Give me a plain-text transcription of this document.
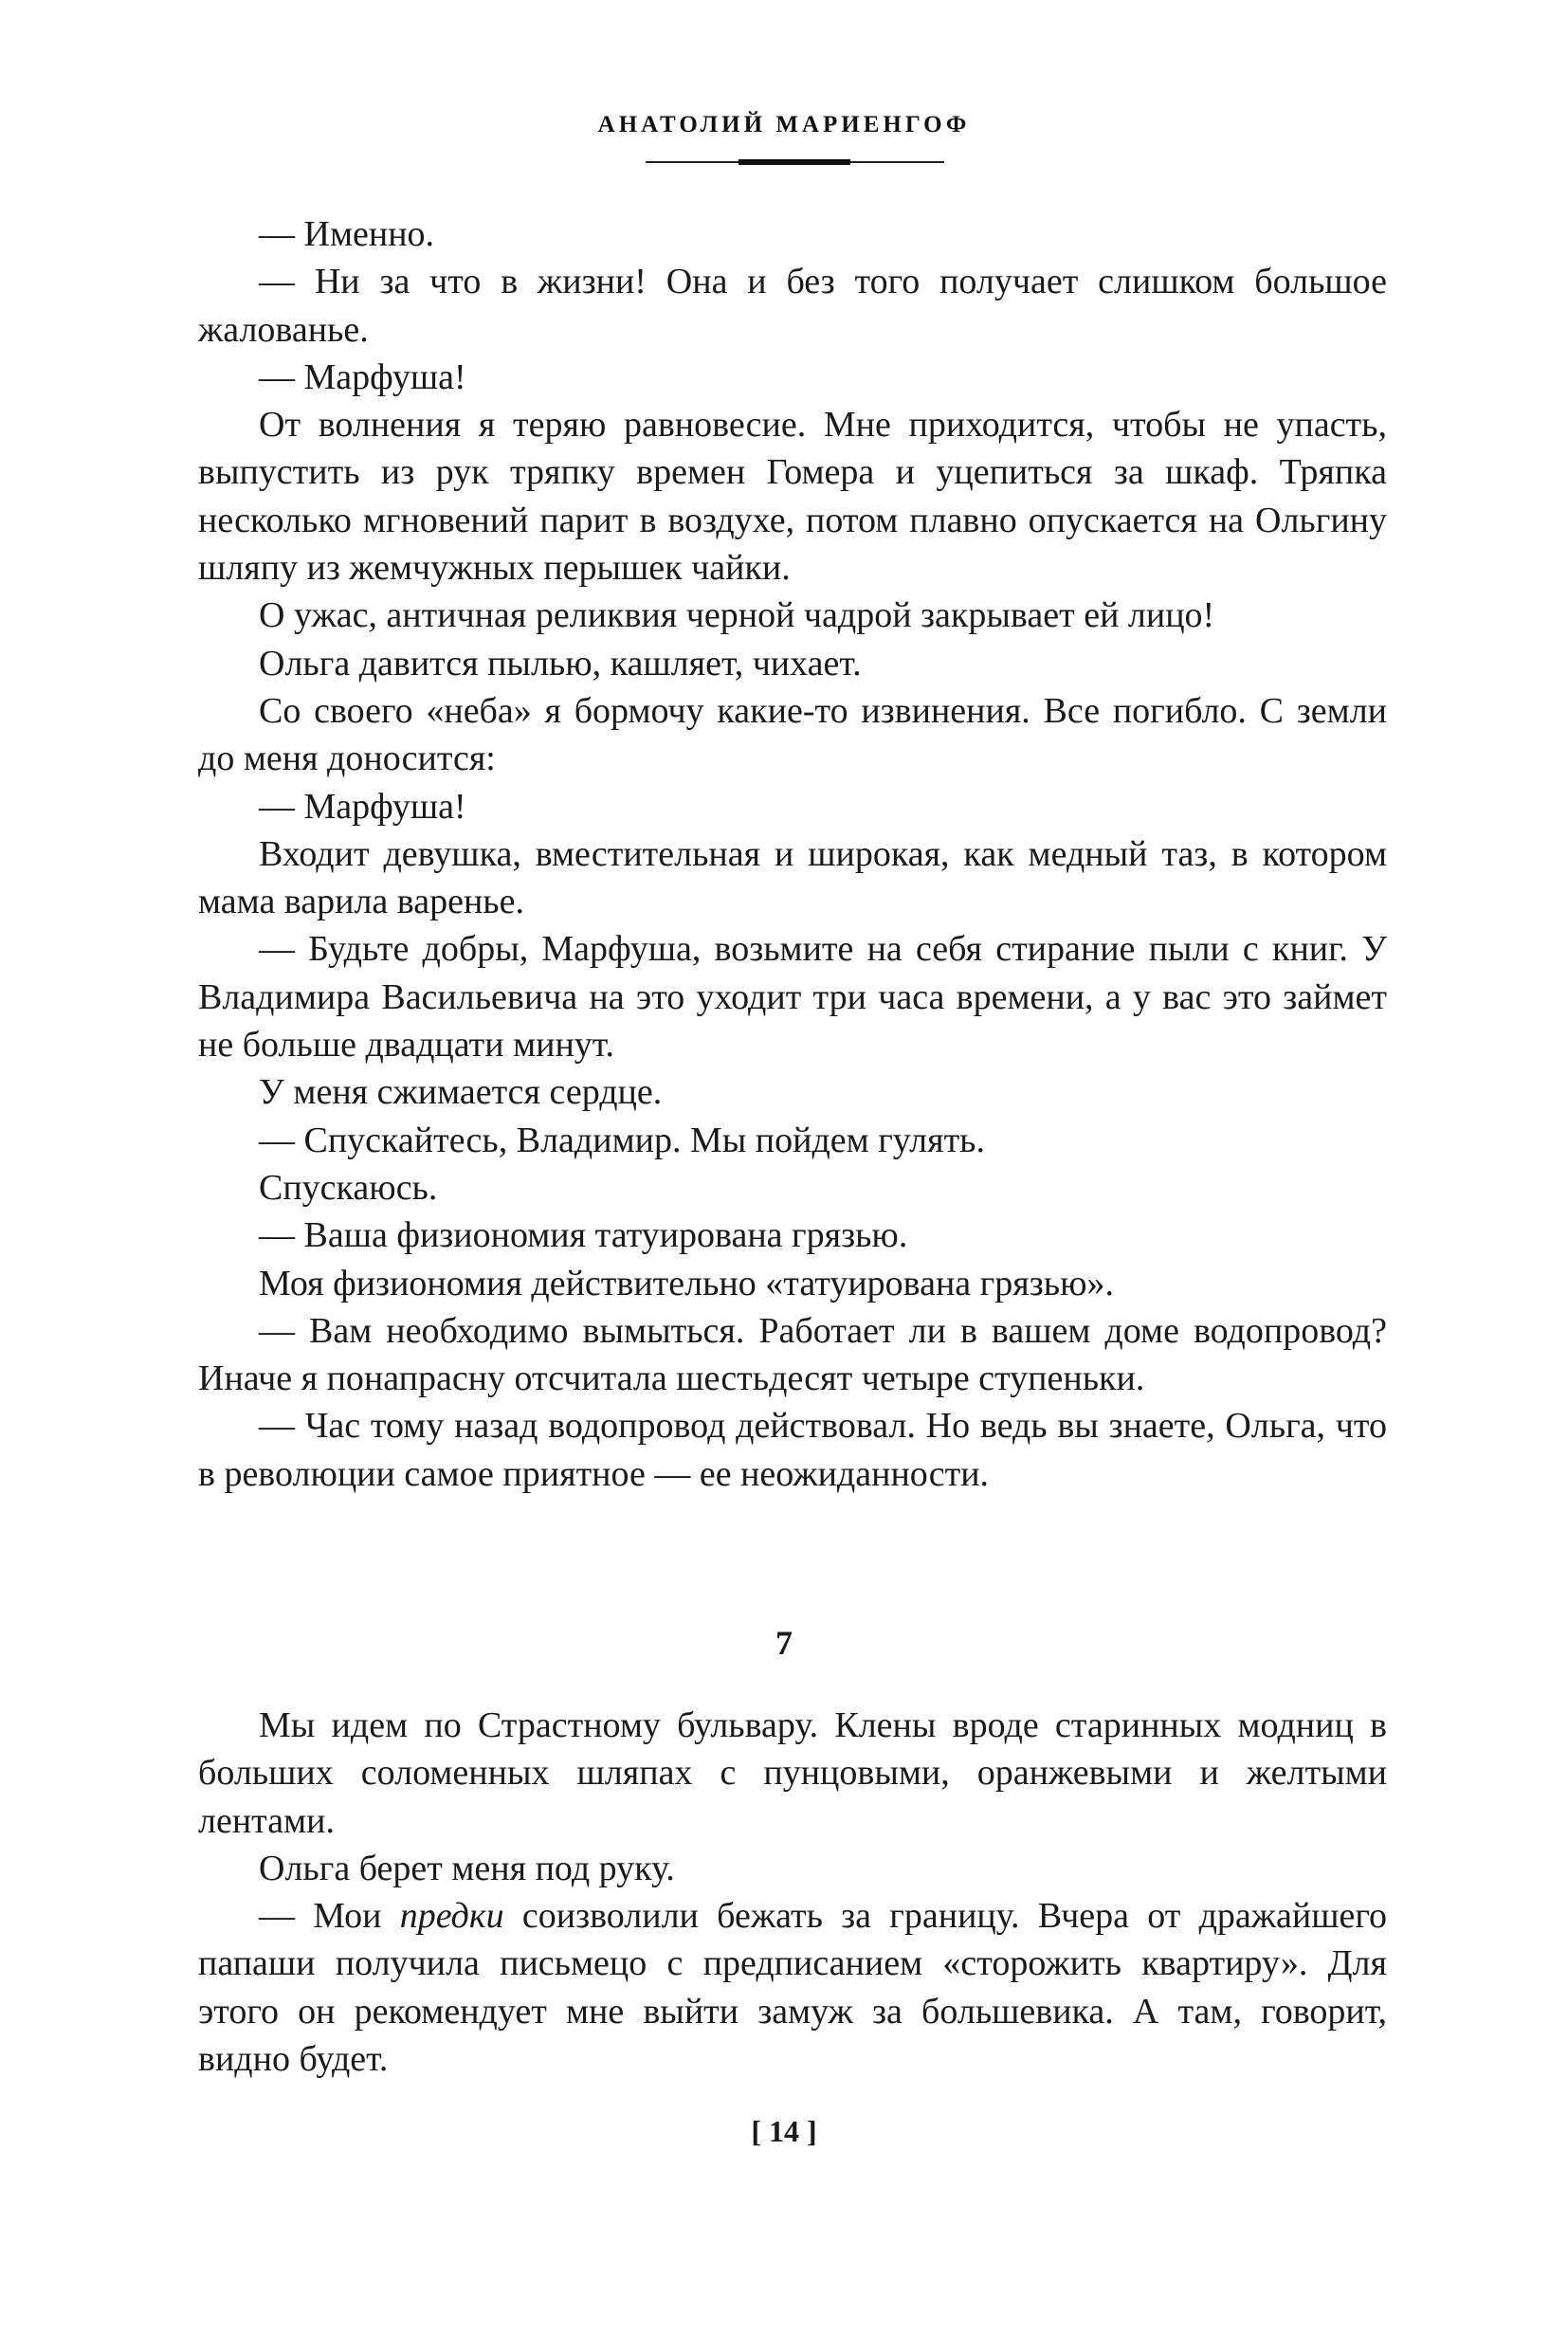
АНАТОЛИЙ МАРИЕНГОФ

— Именно.

— Ни за что в жизни! Она и без того получает слишком большое жалованье.

— Марфуша!

От волнения я теряю равновесие. Мне приходится, чтобы не упасть, выпустить из рук тряпку времен Гомера и уцепиться за шкаф. Тряпка несколько мгновений парит в воздухе, потом плавно опускается на Ольгину шляпу из жемчужных перышек чайки.

О ужас, античная реликвия черной чадрой закрывает ей лицо!

Ольга давится пылью, кашляет, чихает.

Со своего «неба» я бормочу какие-то извинения. Все погибло. С земли до меня доносится:

— Марфуша!

Входит девушка, вместительная и широкая, как медный таз, в котором мама варила варенье.

— Будьте добры, Марфуша, возьмите на себя стирание пыли с книг. У Владимира Васильевича на это уходит три часа времени, а у вас это займет не больше двадцати минут.

У меня сжимается сердце.

— Спускайтесь, Владимир. Мы пойдем гулять.

Спускаюсь.

— Ваша физиономия татуирована грязью.

Моя физиономия действительно «татуирована грязью».

— Вам необходимо вымыться. Работает ли в вашем доме водопровод? Иначе я понапрасну отсчитала шестьдесят четыре ступеньки.

— Час тому назад водопровод действовал. Но ведь вы знаете, Ольга, что в революции самое приятное — ее неожиданности.

7

Мы идем по Страстному бульвару. Клены вроде старинных модниц в больших соломенных шляпах с пунцовыми, оранжевыми и желтыми лентами.

Ольга берет меня под руку.

— Мои предки соизволили бежать за границу. Вчера от дражайшего папаши получила письмецо с предписанием «сторожить квартиру». Для этого он рекомендует мне выйти замуж за большевика. А там, говорит, видно будет.

[ 14 ]
